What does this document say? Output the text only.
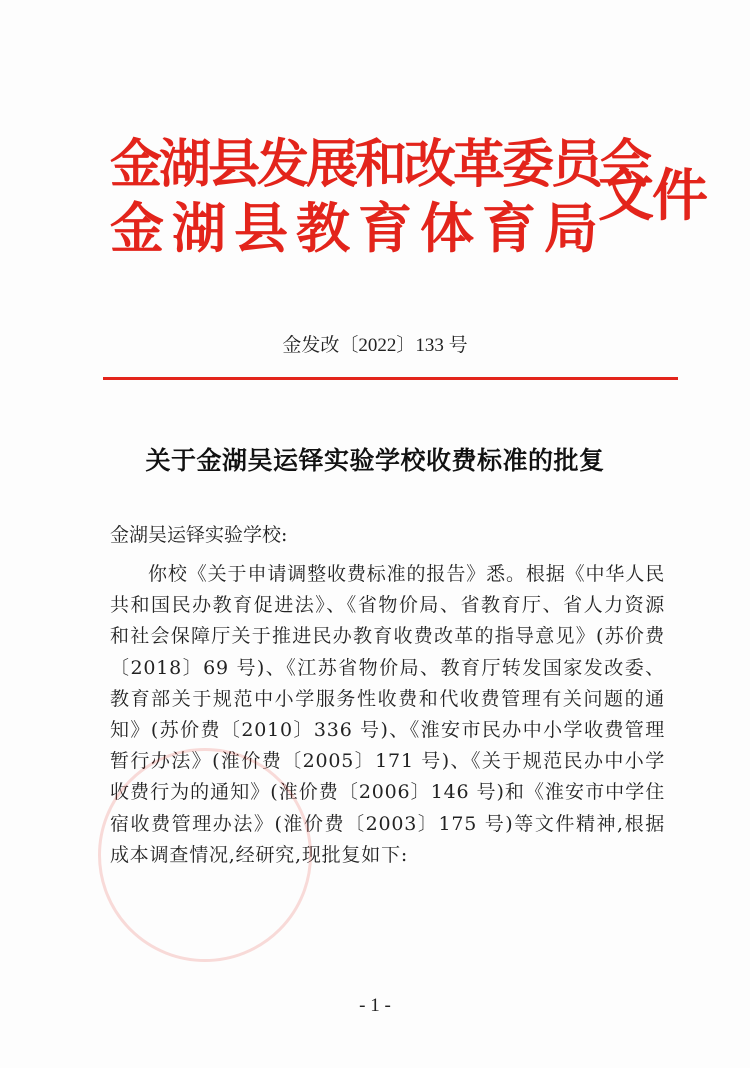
金湖县发展和改革委员会
金湖县教育体育局
文件
金发改〔2022〕133 号
关于金湖吴运铎实验学校收费标准的批复
金湖吴运铎实验学校:
你校《关于申请调整收费标准的报告》悉。根据《中华人民共和国民办教育促进法》、《省物价局、省教育厅、省人力资源和社会保障厅关于推进民办教育收费改革的指导意见》(苏价费〔2018〕69 号)、《江苏省物价局、教育厅转发国家发改委、教育部关于规范中小学服务性收费和代收费管理有关问题的通知》(苏价费〔2010〕336 号)、《淮安市民办中小学收费管理暂行办法》(淮价费〔2005〕171 号)、《关于规范民办中小学收费行为的通知》(淮价费〔2006〕146 号)和《淮安市中学住宿收费管理办法》(淮价费〔2003〕175 号)等文件精神,根据成本调查情况,经研究,现批复如下:
- 1 -
